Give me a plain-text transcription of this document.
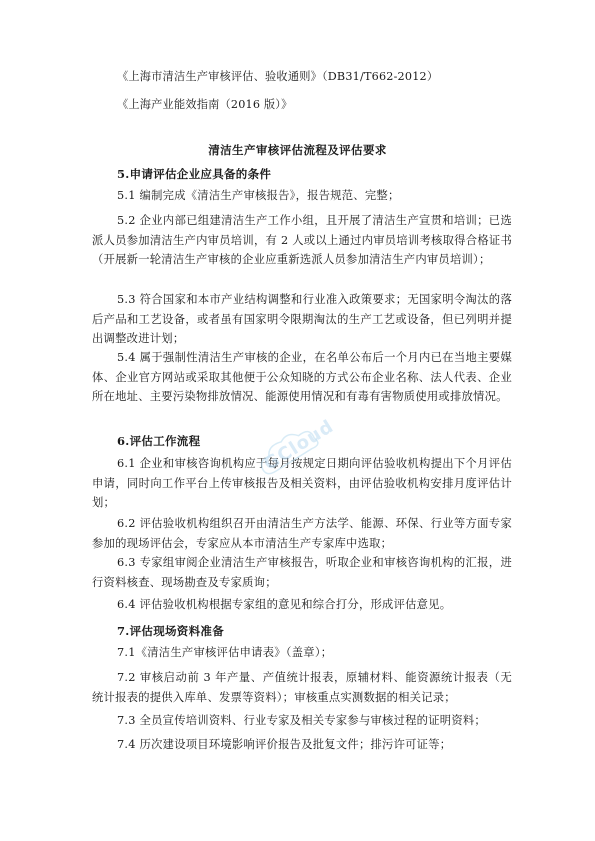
《上海市清洁生产审核评估、验收通则》（DB31/T662-2012）
《上海产业能效指南（2016 版）》
清洁生产审核评估流程及评估要求
5.申请评估企业应具备的条件
5.1 编制完成《清洁生产审核报告》，报告规范、完整；
5.2 企业内部已组建清洁生产工作小组，且开展了清洁生产宣贯和培训；已选派人员参加清洁生产内审员培训，有 2 人或以上通过内审员培训考核取得合格证书（开展新一轮清洁生产审核的企业应重新选派人员参加清洁生产内审员培训）；
5.3 符合国家和本市产业结构调整和行业准入政策要求；无国家明令淘汰的落后产品和工艺设备，或者虽有国家明令限期淘汰的生产工艺或设备，但已列明并提出调整改进计划；
5.4 属于强制性清洁生产审核的企业，在名单公布后一个月内已在当地主要媒体、企业官方网站或采取其他便于公众知晓的方式公布企业名称、法人代表、企业所在地址、主要污染物排放情况、能源使用情况和有毒有害物质使用或排放情况。
6.评估工作流程
6.1 企业和审核咨询机构应于每月按规定日期向评估验收机构提出下个月评估申请，同时向工作平台上传审核报告及相关资料，由评估验收机构安排月度评估计划；
6.2 评估验收机构组织召开由清洁生产方法学、能源、环保、行业等方面专家参加的现场评估会，专家应从本市清洁生产专家库中选取；
6.3 专家组审阅企业清洁生产审核报告，听取企业和审核咨询机构的汇报，进行资料核查、现场勘查及专家质询；
6.4 评估验收机构根据专家组的意见和综合打分，形成评估意见。
7.评估现场资料准备
7.1《清洁生产审核评估申请表》（盖章）；
7.2 审核启动前 3 年产量、产值统计报表，原辅材料、能资源统计报表（无统计报表的提供入库单、发票等资料）；审核重点实测数据的相关记录；
7.3 全员宣传培训资料、行业专家及相关专家参与审核过程的证明资料；
7.4 历次建设项目环境影响评价报告及批复文件；排污许可证等；
GCloud
